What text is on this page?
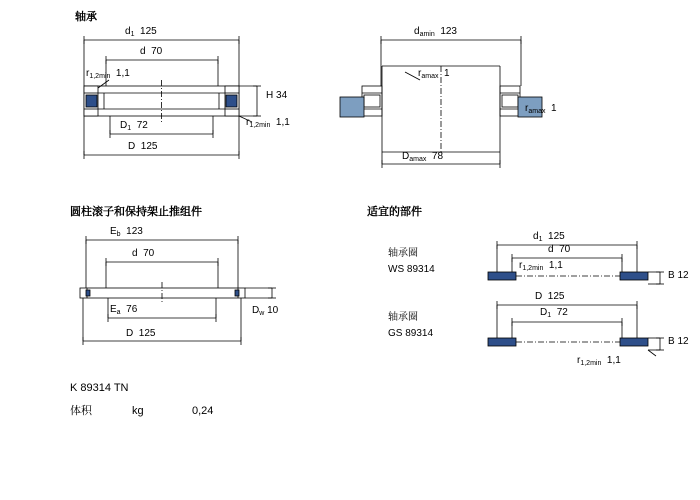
轴承
$d_1$ 125
d 70
$r_{1,2min}$ 1,1
H 34
$r_{1,2min}$ 1,1
$D_1$ 72
D 125
$d_{amin}$ 123
$r_{amax}$ 1
$r_{amax}$ 1
$D_{amax}$ 78
圆柱滚子和保持架止推组件
$E_b$ 123
d 70
$D_w$ 10
$E_a$ 76
D 125
K 89314 TN
体积	kg	0,24
适宜的部件
轴承圈
WS 89314
$d_1$ 125
d 70
$r_{1,2min}$ 1,1
B 12
轴承圈
GS 89314
D 125
$D_1$ 72
B 12
$r_{1,2min}$ 1,1
